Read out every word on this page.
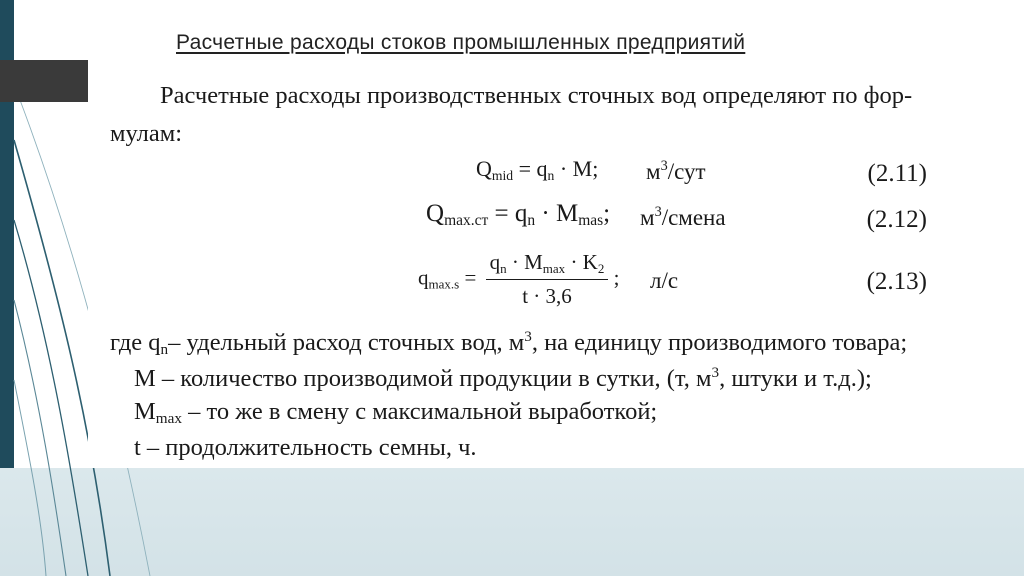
Расчетные расходы стоков промышленных предприятий
Расчетные расходы производственных сточных вод определяют по фор-
мулам:
$Q_{mid} = q_n \cdot M$; $м^3$/сут	(2.11)
$Q_{max.cт} = q_n \cdot M_{mas}$; $м^3$/смена	(2.12)
$q_{max.s} = \frac{q_n \cdot M_{max} \cdot K_2}{t \cdot 3,6}$ ; л/с	(2.13)
где $q_n-$ удельный расход сточных вод, $м^3$, на единицу производимого товара;
М – количество производимой продукции в сутки, (т, $м^3$, штуки и т.д.);
$M_{max}$ – то же в смену с максимальной выработкой;
t – продолжительность семны, ч.
